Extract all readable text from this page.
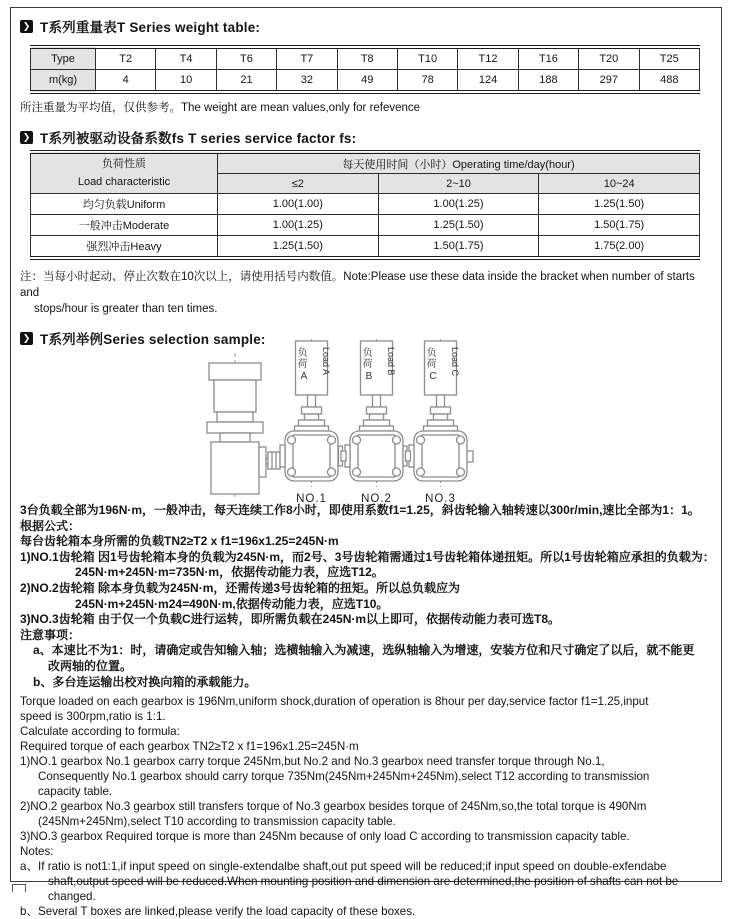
❯ T系列重量表T Series weight table:
Type	T2	T4	T6	T7	T8	T10	T12	T16	T20	T25
m(kg)	4	10	21	32	49	78	124	188	297	488
所注重量为平均值，仅供参考。The weight are mean values,only for refevence
❯ T系列被驱动设备系数fs T series service factor fs:
负荷性质
Load characteristic	每天使用时间（小时）Operating time/day(hour)		
	≤2	2~10	10~24
均匀负载Uniform	1.00(1.00)	1.00(1.25)	1.25(1.50)
一般冲击Moderate	1.00(1.25)	1.25(1.50)	1.50(1.75)
强烈冲击Heavy	1.25(1.50)	1.50(1.75)	1.75(2.00)
注：当每小时起动、停止次数在10次以上，请使用括号内数值。Note:Please use these data inside the bracket when number of starts and
stops/hour is greater than ten times.
❯ T系列举例Series selection sample:
负 荷 A
Load A	负 荷 B
Load B	负 荷 C
Load C
NO.1	NO.2	NO.3
3台负载全部为196N·m，一般冲击，每天连续工作8小时，即使用系数f1=1.25，斜齿轮输入轴转速以300r/min,速比全部为1：1。
根据公式：
每台齿轮箱本身所需的负载TN2≥T2 x f1=196x1.25=245N·m
1)NO.1齿轮箱 因1号齿轮箱本身的负载为245N·m，而2号、3号齿轮箱需通过1号齿轮箱体递扭矩。所以1号齿轮箱应承担的负载为：
245N·m+245N·m=735N·m，依据传动能力表，应选T12。
2)NO.2齿轮箱 除本身负载为245N·m，还需传递3号齿轮箱的扭矩。所以总负载应为
245N·m+245N·m24=490N·m,依据传动能力表，应选T10。
3)NO.3齿轮箱 由于仅一个负载C进行运转，即所需负载在245N·m以上即可，依据传动能力表可选T8。
注意事项：
a、本速比不为1：时，请确定或告知输入轴；选横轴输入为减速，选纵轴输入为增速，安装方位和尺寸确定了以后，就不能更
改两轴的位置。
b、多台连运输出校对换向箱的承载能力。
Torque loaded on each gearbox is 196Nm,uniform shock,duration of operation is 8hour per day,service factor f1=1.25,input
speed is 300rpm,ratio is 1:1.
Calculate according to formula:
Required torque of each gearbox TN2≥T2 x f1=196x1.25=245N·m
1)NO.1 gearbox No.1 gearbox carry torque 245Nm,but No.2 and No.3 gearbox need transfer torque through No.1,
Consequently No.1 gearbox should carry torque 735Nm(245Nm+245Nm+245Nm),select T12 according to transmission
capacity table.
2)NO.2 gearbox No.3 gearbox still transfers torque of No.3 gearbox besides torque of 245Nm,so,the total torque is 490Nm
(245Nm+245Nm),select T10 according to transmission capacity table.
3)NO.3 gearbox Required torque is more than 245Nm because of only load C according to transmission capacity table.
Notes:
a、If ratio is not1:1,if input speed on single-extendalbe shaft,out put speed will be reduced;if input speed on double-exfendabe
shaft,output speed will be reduced.When mounting position and dimension are determined,the position of shafts can not be
changed.
b、Several T boxes are linked,please verify the load capacity of these boxes.
